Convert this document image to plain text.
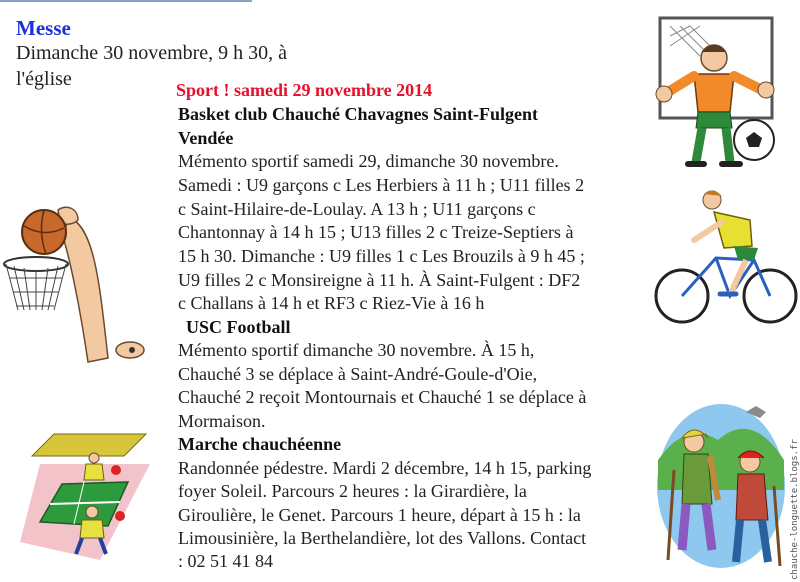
Messe
Dimanche 30 novembre, 9 h 30, à
l'église	Sport ! samedi 29 novembre 2014
Basket club Chauché Chavagnes Saint-Fulgent
Vendée
Mémento sportif samedi 29, dimanche 30 novembre.
Samedi : U9 garçons c Les Herbiers à 11 h ; U11 filles 2
c Saint-Hilaire-de-Loulay. A 13 h ; U11 garçons c
Chantonnay à 14 h 15 ; U13 filles 2 c Treize-Septiers à
15 h 30. Dimanche : U9 filles 1 c Les Brouzils à 9 h 45 ;
U9 filles 2 c Monsireigne à 11 h. À Saint-Fulgent : DF2
c Challans à 14 h et RF3 c Riez-Vie à 16 h
USC Football
Mémento sportif dimanche 30 novembre. À 15 h,
Chauché 3 se déplace à Saint-André-Goule-d'Oie,
Chauché 2 reçoit Montournais et Chauché 1 se déplace à
Mormaison.
Marche chauchéenne
Randonnée pédestre. Mardi 2 décembre, 14 h 15, parking
foyer Soleil. Parcours 2 heures : la Girardière, la
Giroulière, le Genet. Parcours 1 heure, départ à 15 h : la
Limousinière, la Berthelandière, lot des Vallons. Contact
: 02 51 41 84	chauche-longuette.blogs.fr
